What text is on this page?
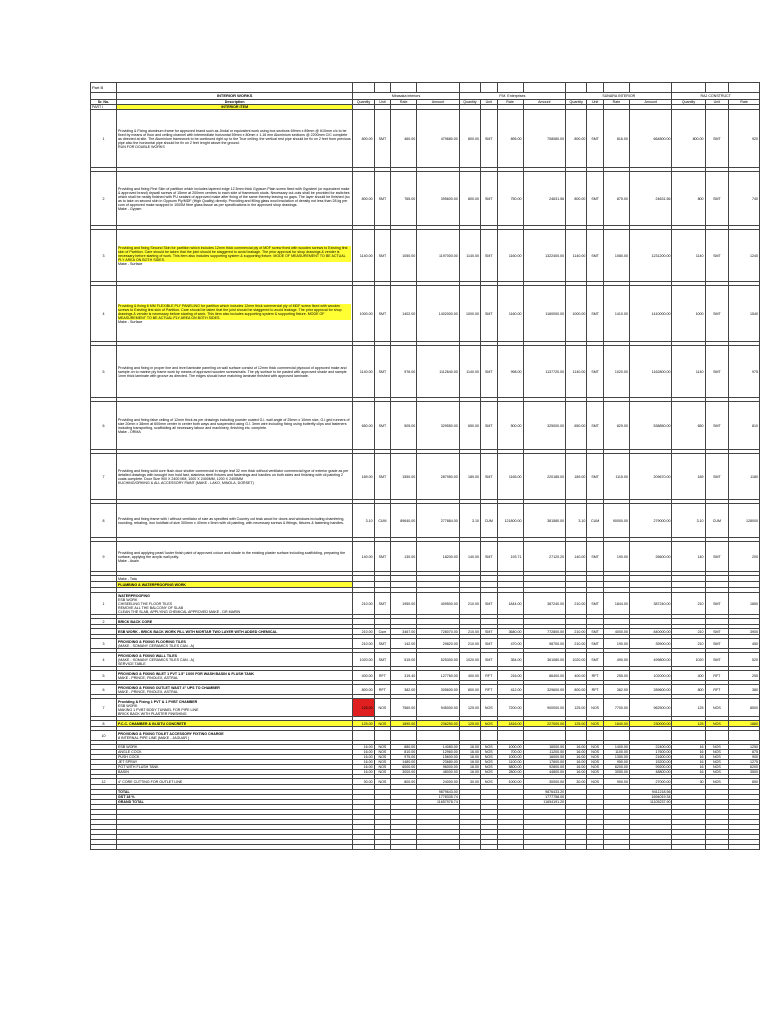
Part B																
	INTERIOR WORKS	Mirasaka interiors				P.M. Enterprises				SUNARA INTERIOR				RAJ CONSTRUCT		
Sr. No.	Description	Quantity	Unit	Rate	Amount	Quantity	Unit	Rate	Amount	Quantity	Unit	Rate	Amount	Quantity	Unit	Rate
PART I	INTERIOR ITEM															
1	Providing & Fixing aluminum frame for approved brand such as Jindal or equivalent work using box sections 69mm x 89mm @ 610mm c/c to be fixed by means of floor and ceiling channel with intermediate horizontal 59mm x 80mm x 1.16 mm Aluminium sections @ 2200mm C/C complete as directed at site. The Aluminium framework to be continued right up to the True ceiling. the vertical rest pipe should be fix on 2 feet from previous pipe also the horizontal pipe should be fix on 2 feet lenght above the ground.
RUN FOR DOUBLE WORKS	800.00	SMT	460.00	479680.00	800.00	SMT	895.00	708080.00	800.00	SMT	816.00	664800.00	800.00	SMT	920

2	Providing and fixing First Skin of partition which includes tapered edge 12.5mm thick Gypsum Plain screw fixed with Gypsteel (or equivalent make & approved brand) drywall screws of 15mm at 200mm centres to each side of framework studs. Necessary cut-outs shall be provided for switches which shall be neatly finished with PU sealant of approved make after fixing of the same thereby leaving no gaps. The layer should be finished (so as to take on second skin in Gypsum Ply/MDF (High Quality) directly. Providing and filling glass wool insulation of density not less than 28 kg per cum of approved make wrapped in 1000M fibre glass tissue as per specifications in the approved shop drawings.
Make - Gypsm	800.00	SMT	765.00	395600.00	800.00	SMT	750.00	24631.56	800.00	SMT	875.00	24631.56	800	SMT	740

3	Providing and fixing Second Skin for partition which includes 12mm thick commercial ply of MDF screw fixed with wooden screws to Existing first skin of Partition. Care should be taken that the joint should be staggered to avoid leakage. The prior approval for shop drawings & vender is necessary before starting of work. This item also includes supporting system & supporting fixture. MODE OF MEASUREMENT TO BE ACTUAL PLY AREA ON BOTH SIDES.
Make - Surface	1140.00	SMT	1050.00	1197000.00	1140.00	SMT	1160.00	1322400.00	1140.00	SMT	1080.00	1231200.00	1140	SMT	1240

4	Providing & fixing 6 MM FLEXIBLE PLY PANELING for partition which includes 12mm thick commercial ply of MDF screw fixed with wooden screws to Existing first skin of Partition. Care should be taken that the joint should be staggered to avoid leakage. The prior approval for shop drawings & vender is necessary before starting of work. This item also includes supporting system & supporting fixture. MODE OF MEASUREMENT TO BE ACTUAL PLY AREA ON BOTH SIDES.
Make - Surface	1000.00	SMT	1402.00	1402000.00	1000.00	SMT	1160.00	1160000.00	1000.00	SMT	1410.00	1410000.00	1000	SMT	1540

5	Providing and fixing in proper line and level laminate paneling on wall surface consist of 12mm thick commercial plywood of approved make and sample on to marine ply frame work by means of approved wooden screws/nails. The ply surface to be pasted with approved shade and sample 1mm thick laminate with groove as directed. The edges should have matching laminate finished with approved laminate.	1140.00	SMT	976.00	1112640.00	1140.00	SMT	998.00	1137720.00	1140.00	SMT	1020.00	1162800.00	1140	SMT	975

6	Providing and fixing false ceiling of 12mm thick as per drawings including powder coated G.I. wall angle of 25mm x 10mm size, G.I grid runners of size 20mm x 38mm at 600mm center in center both ways and suspended using G.I. 3mm wire including fixing using butterfly clips and fasteners including transporting, scaffolding all necessary labour and machinery, finishing etc. complete.
Make - ORMA	650.00	SMT	505.00	329550.00	650.00	SMT	500.00	325000.00	650.00	SMT	829.00	538850.00	650	SMT	810

7	Providing and fixing solid core flush door shutter commercial in single leaf 32 mm thick without ventilator commercial type of exterior grade as per detailed drawings with wrought iron hold fast, stainless steel fixtures and fastenings and handles on both sides and finishing with oil painting 2 coats complete. Door Size 900 X 2400 MM, 1000 X 2400MM, 1200 X 2400MM
KUCHING/ORKING & ALL ACCESSORY PAINT (MAKE - LAKO, MINOLA, DORSET)	189.00	SMT	1550.00	287950.00	189.00	SMT	1165.00	220185.00	189.00	SMT	1115.00	209670.00	189	SMT	1180

8	Providing and fixing frame with / without ventilator of size as specified with Country cut teak wood for doors and windows including chamfering, rounding, rebating, iron holdfast of size 300mm x 40mm x 5mm with oil painting, with necessary screws & fittings, fixtures & fastening handles.	3.10	CUM	89640.00	277884.00	3.10	CUM	121800.00	381580.00	3.10	CUM	90000.00	279000.00	3.10	CUM	128000

9	Providing and applying pearl/ luster finish paint of approved colour and shade to the existing plaster surface including scaffolding, preparing the surface, applying the acrylic wall putty.
Make - Asain	140.00	SMT	130.00	18200.00	140.00	SMT	193.71	27120.20	140.00	SMT	190.00	26600.00	140	SMT	200

	Make - Tata															
	PLUMBING & WATERPROOFING WORK															

1	WATERPROOFING
ESB WORK
CHISEELING THE FLOOR TILES
REMOVE ALL THE BALCONY OF SLAB
CLEAN THE SLAB, APPLYING CHEMICAL APPROVED MAKE - DR MARIN	210.00	SMT	1950.00	409500.00	210.00	SMT	1844.00	387240.00	210.00	SMT	1844.00	387240.00	210	SMT	1850

2	BRICK BACK CORE															

	ESB WORK - BRICK BACK WORK FILL WITH MORTAR TWO LAYER WITH ADDED CHEMICAL	210.00	Cum	3467.00	728070.00	210.00	SMT	3680.00	772800.00	210.00	SMT	4000.00	840000.00	210	SMT	3900

3	PROVIDING & FIXING FLOORING TILES
(MAKE - SOMANY CERAMICS TILES CAN - A)	210.00	SMT	142.00	29820.00	210.00	SMT	470.00	98700.00	210.00	SMT	190.00	39900.00	210	SMT	450

4	PROVIDING & FIXING WALL TILES
(MAKE - SOMANY CERAMICS TILES CAN - A)
SERVICE TABLE	1020.00	SMT	515.00	525300.00	1020.00	SMT	354.00	361080.00	1020.00	SMT	490.00	499800.00	1020	SMT	520

5	PROVIDING & FIXING INLET 1 PVT 1.5" 1X00 FOR WASH BASIN & FLUSH TANK
MAKE - PRINCE, FINOLEX, ASTRAL	400.00	RFT	319.40	127760.00	400.00	RFT	216.00	86400.00	400.00	RFT	255.00	102000.00	400	RFT	255

6	PROVIDING & FIXING OUTLET WAST 4" UPS TO CHAMBER
MAKE - PRINCE, FINOLEX, ASTRAL	800.00	RFT	382.00	305600.00	800.00	RFT	412.00	329600.00	800.00	RFT	362.00	289600.00	800	RFT	380

7	Providing & Fixing 1 PVT & 1 PVBT CHAMBER
ESB WORK
MAKING 1 PVBT BODY TUNNEL FOR PIPE LINE
BRICK BACK WITH PLASTER FINISHING	125.00	NOS	7560.00	945000.00	125.00	NOS	7200.00	900000.00	125.00	NOS	7700.00	962500.00	125	NOS	8500

8	P.C.C. CHAMBER & IN-SITU CONCRETE	125.00	NOS	1890.00	236250.00	125.00	NOS	1816.00	227000.00	125.00	NOS	1840.00	230000.00	125	NOS	1880

10	PROVIDING & FIXING TOILET ACCESSORY FIXTING CHARGE
8 INTERNAL PIPE LINE (MAKE - JAGUAR )															

	ESB WORK	16.00	NOS	880.00	14080.00	16.00	NOS	1000.00	16000.00	16.00	NOS	1400.00	22400.00	16	NOS	1250
	ANGLE COCK	16.00	NOS	810.00	12960.00	16.00	NOS	700.00	11200.00	16.00	NOS	1100.00	17600.00	16	NOS	875
	PUSH COCK	16.00	NOS	975.00	15600.00	16.00	NOS	1000.00	16000.00	16.00	NOS	1350.00	21600.00	16	NOS	900
	JET SPRAY	16.00	NOS	1480.00	23680.00	16.00	NOS	1100.00	17600.00	16.00	NOS	950.00	15200.00	16	NOS	1275
	POT WITH FLUSH TANK	16.00	NOS	6000.00	96000.00	16.00	NOS	5800.00	92800.00	16.00	NOS	6200.00	99200.00	16	NOS	6200
	BASIN	16.00	NOS	3000.00	48000.00	16.00	NOS	2800.00	44800.00	16.00	NOS	3050.00	48800.00	16	NOS	3500

12	4" CORE CUTTING FOR OUTLET LINE	30.00	NOS	800.00	24000.00	30.00	NOS	1000.00	30000.00	30.00	NOS	900.00	27000.00	30	NOS	850

	TOTAL				9879643.00				9876433.20				9411218.56			
	GST 18 %				1778335.74				1777758.00				1694019.34			
	GRAND TOTAL				11657978.74				11654191.20				11105237.90			
